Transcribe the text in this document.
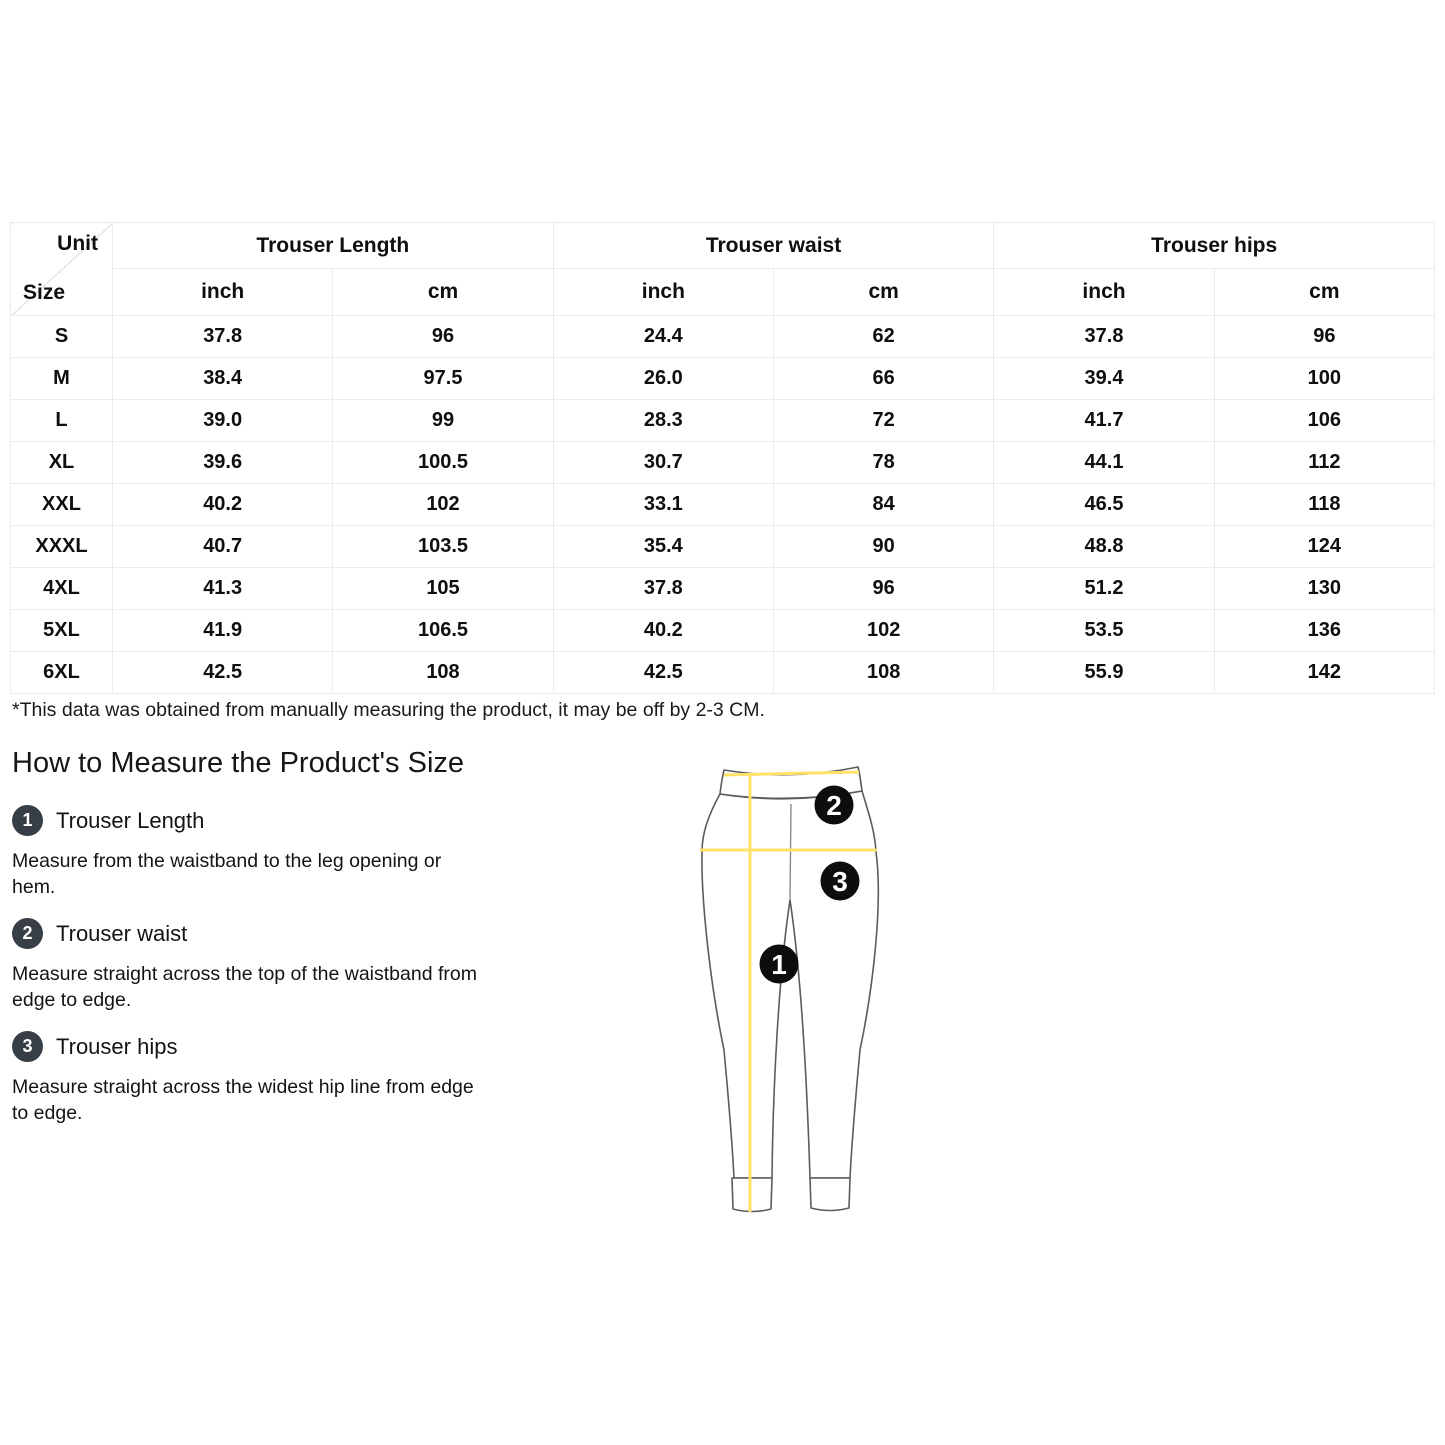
Unit
Size	Trouser Length		Trouser waist		Trouser hips	
	inch	cm	inch	cm	inch	cm
S	37.8	96	24.4	62	37.8	96
M	38.4	97.5	26.0	66	39.4	100
L	39.0	99	28.3	72	41.7	106
XL	39.6	100.5	30.7	78	44.1	112
XXL	40.2	102	33.1	84	46.5	118
XXXL	40.7	103.5	35.4	90	48.8	124
4XL	41.3	105	37.8	96	51.2	130
5XL	41.9	106.5	40.2	102	53.5	136
6XL	42.5	108	42.5	108	55.9	142
*This data was obtained from manually measuring the product, it may be off by 2-3 CM.
How to Measure the Product's Size
1	Trouser Length
Measure from the waistband to the leg opening or
hem.
2	Trouser waist
Measure straight across the top of the waistband from
edge to edge.
3	Trouser hips
Measure straight across the widest hip line from edge
to edge.
2
3
1
